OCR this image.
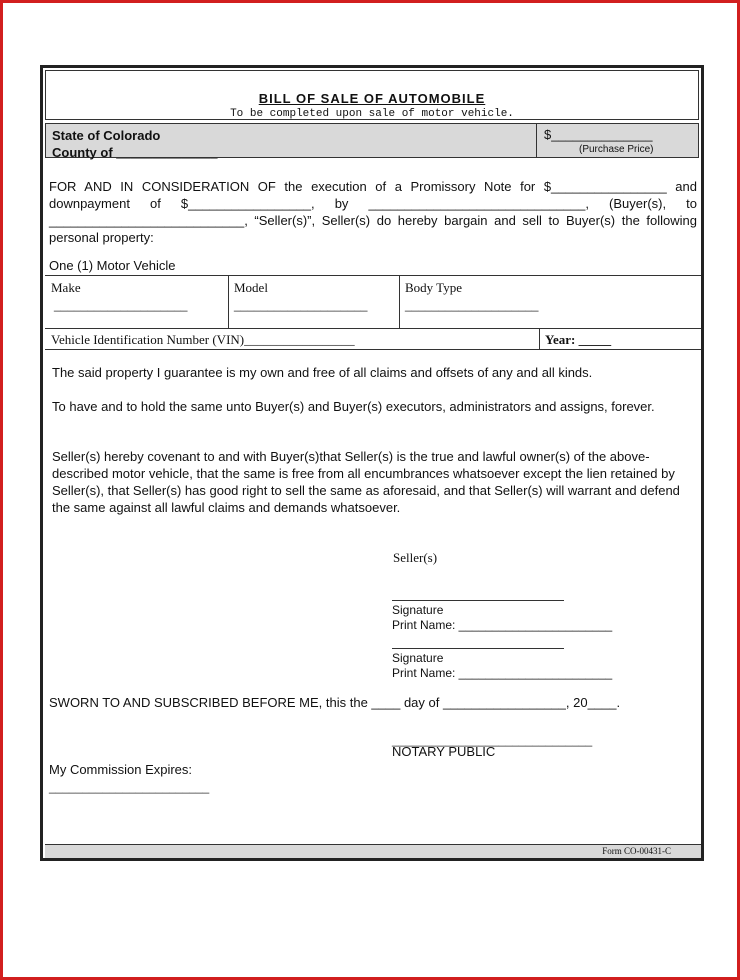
BILL OF SALE OF AUTOMOBILE
To be completed upon sale of motor vehicle.
State of Colorado
County of ______________
$______________
(Purchase Price)
FOR AND IN CONSIDERATION OF the execution of a Promissory Note for $________________ and downpayment of $_________________, by ______________________________, (Buyer(s), to ___________________________, “Seller(s)”, Seller(s) do hereby bargain and sell to Buyer(s) the following personal property:
One (1) Motor Vehicle
Make
____________________
Model
____________________
Body Type
____________________
Vehicle Identification Number (VIN)_________________	Year: _____
The said property I guarantee is my own and free of all claims and offsets of any and all kinds.
To have and to hold the same unto Buyer(s) and Buyer(s) executors, administrators and assigns, forever.
Seller(s) hereby covenant to and with Buyer(s)that Seller(s) is the true and lawful owner(s) of the above-described motor vehicle, that the same is free from all encumbrances whatsoever except the lien retained by Seller(s), that Seller(s) has good right to sell the same as aforesaid, and that Seller(s) will warrant and defend the same against all lawful claims and demands whatsoever.
Seller(s)
Signature
Print Name: _______________________
Signature
Print Name: _______________________
SWORN TO AND SUBSCRIBED BEFORE ME, this the ____ day of _________________, 20____.
______________________________
NOTARY PUBLIC
My Commission Expires:
________________________
Form CO-00431-C
